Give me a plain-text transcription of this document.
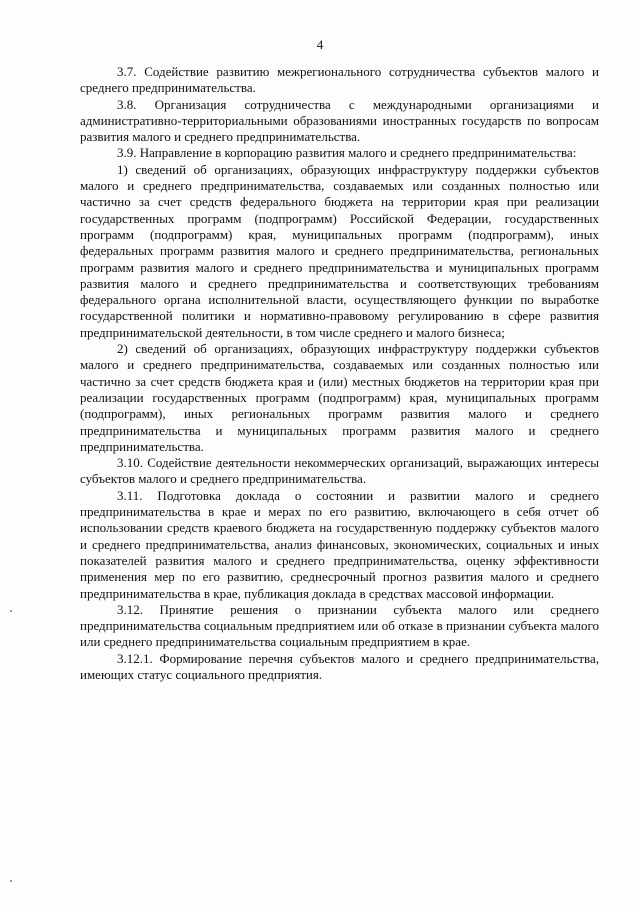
4

3.7. Содействие развитию межрегионального сотрудничества субъектов малого и среднего предпринимательства.

3.8. Организация сотрудничества с международными организациями и административно-территориальными образованиями иностранных государств по вопросам развития малого и среднего предпринимательства.

3.9. Направление в корпорацию развития малого и среднего предпринимательства:

1) сведений об организациях, образующих инфраструктуру поддержки субъектов малого и среднего предпринимательства, создаваемых или созданных полностью или частично за счет средств федерального бюджета на территории края при реализации государственных программ (подпрограмм) Российской Федерации, государственных программ (подпрограмм) края, муниципальных программ (подпрограмм), иных федеральных программ развития малого и среднего предпринимательства, региональных программ развития малого и среднего предпринимательства и муниципальных программ развития малого и среднего предпринимательства и соответствующих требованиям федерального органа исполнительной власти, осуществляющего функции по выработке государственной политики и нормативно-правовому регулированию в сфере развития предпринимательской деятельности, в том числе среднего и малого бизнеса;

2) сведений об организациях, образующих инфраструктуру поддержки субъектов малого и среднего предпринимательства, создаваемых или созданных полностью или частично за счет средств бюджета края и (или) местных бюджетов на территории края при реализации государственных программ (подпрограмм) края, муниципальных программ (подпрограмм), иных региональных программ развития малого и среднего предпринимательства и муниципальных программ развития малого и среднего предпринимательства.

3.10. Содействие деятельности некоммерческих организаций, выражающих интересы субъектов малого и среднего предпринимательства.

3.11. Подготовка доклада о состоянии и развитии малого и среднего предпринимательства в крае и мерах по его развитию, включающего в себя отчет об использовании средств краевого бюджета на государственную поддержку субъектов малого и среднего предпринимательства, анализ финансовых, экономических, социальных и иных показателей развития малого и среднего предпринимательства, оценку эффективности применения мер по его развитию, среднесрочный прогноз развития малого и среднего предпринимательства в крае, публикация доклада в средствах массовой информации.

3.12. Принятие решения о признании субъекта малого или среднего предпринимательства социальным предприятием или об отказе в признании субъекта малого или среднего предпринимательства социальным предприятием в крае.

3.12.1. Формирование перечня субъектов малого и среднего предпринимательства, имеющих статус социального предприятия.
